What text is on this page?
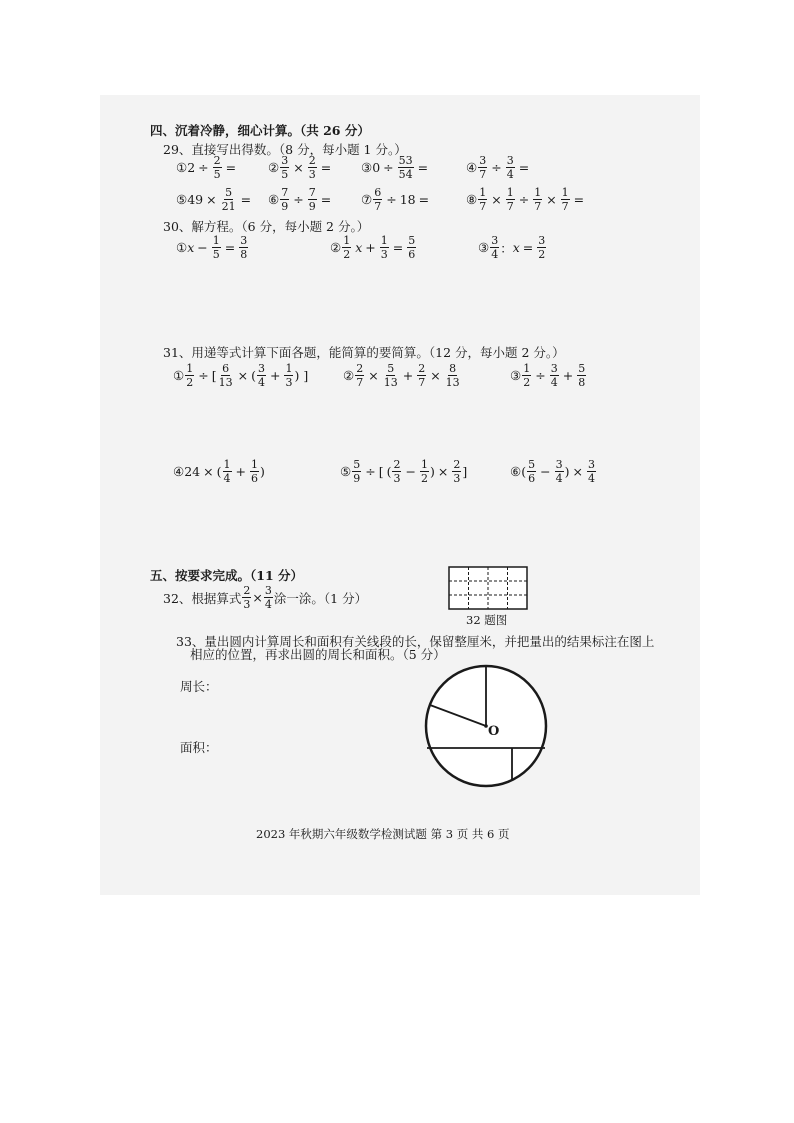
四、沉着冷静，细心计算。（共 26 分）
29、直接写出得数。（8 分，每小题 1 分。）
① $2 \div \frac{2}{5}$ =	② $\frac{3}{5} \times \frac{2}{3}$ = ③ $0 \div \frac{53}{54}$ =	④ $\frac{3}{7} \div \frac{3}{4}$ =
⑤ $49 \times \frac{5}{21}$ = ⑥ $\frac{7}{9} \div \frac{7}{9}$ = ⑦ $\frac{6}{7} \div 18$ =	⑧ $\frac{1}{7} \times \frac{1}{7} \div \frac{1}{7} \times \frac{1}{7}$ =
30、解方程。（6 分，每小题 2 分。）
① $x - \frac{1}{5} = \frac{3}{8}$	② $\frac{1}{2}$ $x + \frac{1}{3} = \frac{5}{6}$	③ $\frac{3}{4}$ ： $x = \frac{3}{2}$
31、用递等式计算下面各题，能简算的要简算。（12 分，每小题 2 分。）
① $\frac{1}{2}$ ÷ [ $\frac{6}{13}$ × ( $\frac{3}{4} + \frac{1}{3}$ ) ]	② $\frac{2}{7} \times \frac{5}{13} + \frac{2}{7} \times \frac{8}{13}$	③ $\frac{1}{2} \div \frac{3}{4} + \frac{5}{8}$
④ 24 × ( $\frac{1}{4} + \frac{1}{6}$ )	⑤ $\frac{5}{9}$ ÷ [ ( $\frac{2}{3} - \frac{1}{2}$ ) × $\frac{2}{3}$ ]	⑥ ( $\frac{5}{6} - \frac{3}{4}$ ) × $\frac{3}{4}$
五、按要求完成。（11 分）
32、根据算式 $\frac{2}{3} \times \frac{3}{4}$ 涂一涂。（1 分）
32 题图
33、量出圆内计算周长和面积有关线段的长，保留整厘米，并把量出的结果标注在图上
相应的位置，再求出圆的周长和面积。（5 分）
周长：
面积：
O
2023 年秋期六年级数学检测试题 第 3 页 共 6 页
